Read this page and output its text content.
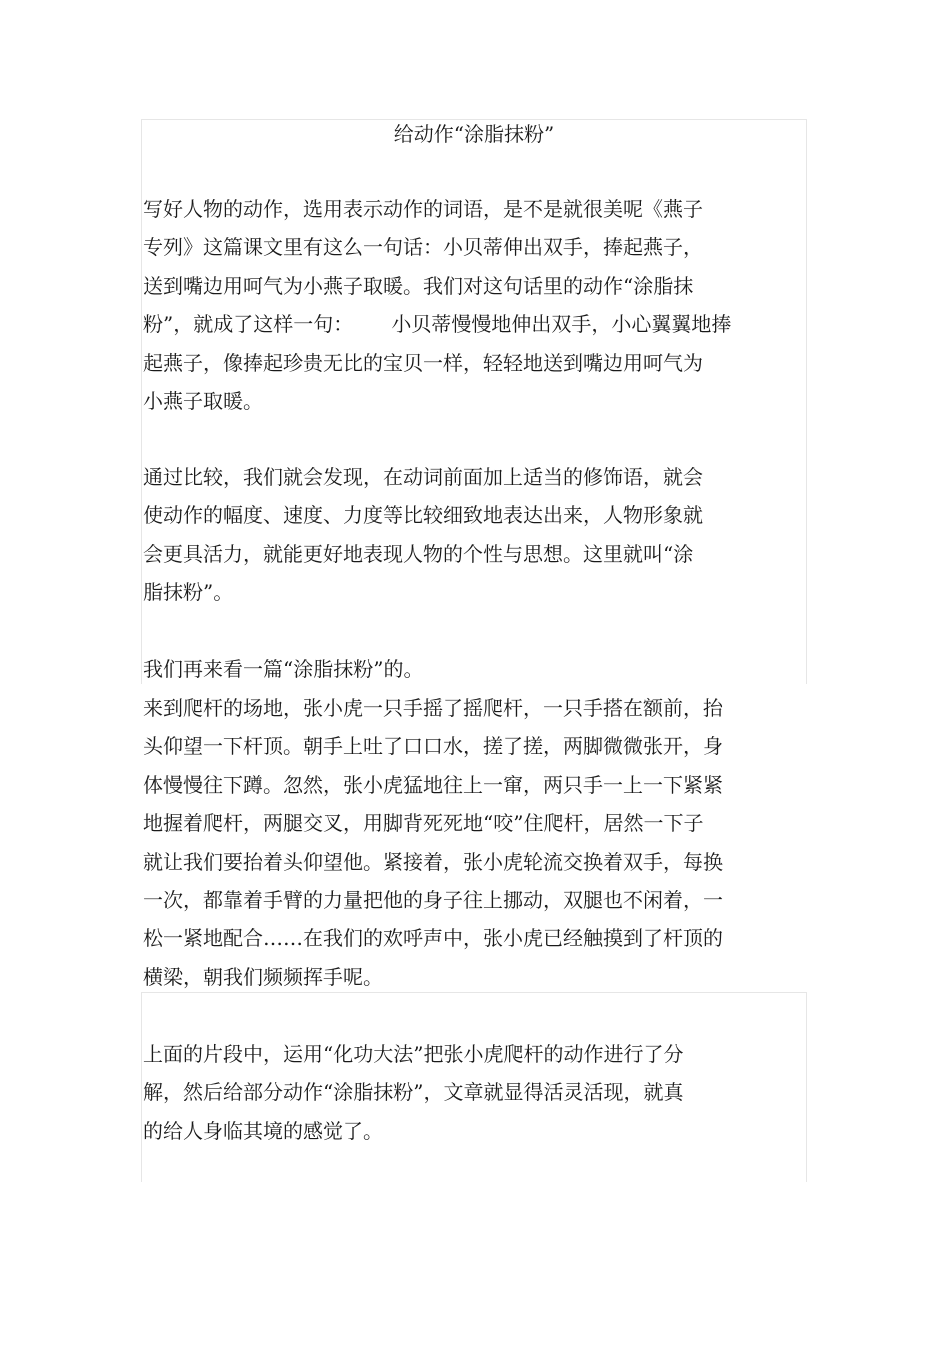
给动作“涂脂抹粉”
写好人物的动作，选用表示动作的词语，是不是就很美呢《燕子
专列》这篇课文里有这么一句话：小贝蒂伸出双手，捧起燕子，
送到嘴边用呵气为小燕子取暖。我们对这句话里的动作“涂脂抹
粉”，就成了这样一句：      小贝蒂慢慢地伸出双手，小心翼翼地捧
起燕子，像捧起珍贵无比的宝贝一样，轻轻地送到嘴边用呵气为
小燕子取暖。
通过比较，我们就会发现，在动词前面加上适当的修饰语，就会
使动作的幅度、速度、力度等比较细致地表达出来，人物形象就
会更具活力，就能更好地表现人物的个性与思想。这里就叫“涂
脂抹粉”。
我们再来看一篇“涂脂抹粉”的。
来到爬杆的场地，张小虎一只手摇了摇爬杆，一只手搭在额前，抬
头仰望一下杆顶。朝手上吐了口口水，搓了搓，两脚微微张开，身
体慢慢往下蹲。忽然，张小虎猛地往上一窜，两只手一上一下紧紧
地握着爬杆，两腿交叉，用脚背死死地“咬”住爬杆，居然一下子
就让我们要抬着头仰望他。紧接着，张小虎轮流交换着双手，每换
一次，都靠着手臂的力量把他的身子往上挪动，双腿也不闲着，一
松一紧地配合……在我们的欢呼声中，张小虎已经触摸到了杆顶的
横梁，朝我们频频挥手呢。
上面的片段中，运用“化功大法”把张小虎爬杆的动作进行了分
解，然后给部分动作“涂脂抹粉”，文章就显得活灵活现，就真
的给人身临其境的感觉了。
